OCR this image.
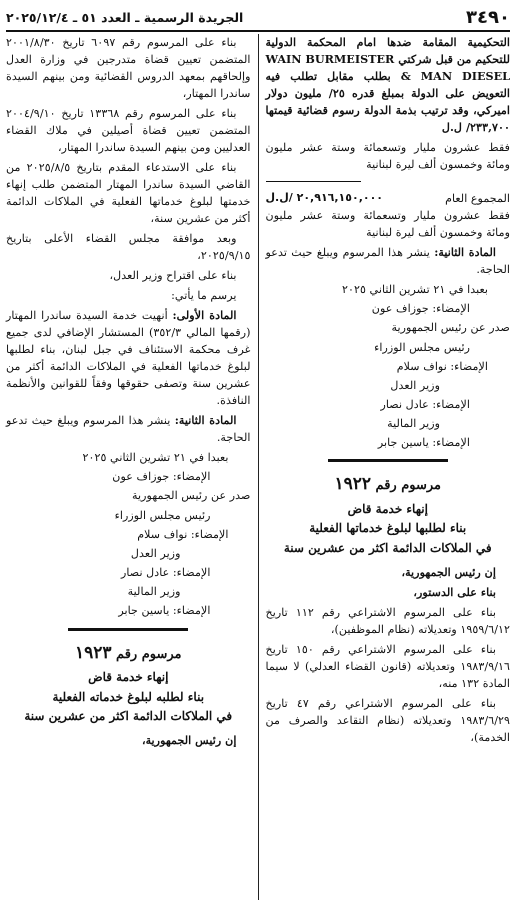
٣٤٩٠
الجريدة الرسمية ـ العدد ٥١ ـ ٢٠٢٥/١٢/٤

التحكيمية المقامة ضدها امام المحكمة الدولية للتحكيم من قبل شركتي WAIN BURMEISTER & MAN DIESEL بطلب مقابل تطلب فيه التعويض على الدولة بمبلغ قدره ٢٥/ مليون دولار اميركي، وقد ترتيب بذمة الدولة رسوم قضائية قيمتها ٢٣٣,٧٠٠/ ل.ل

فقط عشرون مليار وتسعمائة وستة عشر مليون ومائة وخمسون ألف ليرة لبنانية

المجموع العام
٢٠,٩١٦,١٥٠,٠٠٠ /ل.ل

فقط عشرون مليار وتسعمائة وستة عشر مليون ومائة وخمسون ألف ليرة لبنانية

المادة الثانية: ينشر هذا المرسوم ويبلغ حيث تدعو الحاجة.

بعبدا في ٢١ تشرين الثاني ٢٠٢٥

الإمضاء: جوزاف عون

صدر عن رئيس الجمهورية

رئيس مجلس الوزراء

الإمضاء: نواف سلام

وزير العدل

الإمضاء: عادل نصار

وزير المالية

الإمضاء: ياسين جابر

مرسوم رقم ١٩٢٢

إنهاء خدمة قاض

بناء لطلبها لبلوغ خدماتها الفعلية

في الملاكات الدائمة اكثر من عشرين سنة

إن رئيس الجمهورية،

بناء على الدستور،

بناء على المرسوم الاشتراعي رقم ١١٢ تاريخ ١٩٥٩/٦/١٢ وتعديلاته (نظام الموظفين)،

بناء على المرسوم الاشتراعي رقم ١٥٠ تاريخ ١٩٨٣/٩/١٦ وتعديلاته (قانون القضاء العدلي) لا سيما المادة ١٣٢ منه،

بناء على المرسوم الاشتراعي رقم ٤٧ تاريخ ١٩٨٣/٦/٢٩ وتعديلاته (نظام التقاعد والصرف من الخدمة)،

بناء على المرسوم رقم ٦٠٩٧ تاريخ ٢٠٠١/٨/٣٠ المتضمن تعيين قضاة متدرجين في وزارة العدل وإلحاقهم بمعهد الدروس القضائية ومن بينهم السيدة ساندرا المهتار،

بناء على المرسوم رقم ١٣٣٦٨ تاريخ ٢٠٠٤/٩/١٠ المتضمن تعيين قضاة أصيلين في ملاك القضاء العدليين ومن بينهم السيدة ساندرا المهتار،

بناء على الاستدعاء المقدم بتاريخ ٢٠٢٥/٨/٥ من القاضي السيدة ساندرا المهتار المتضمن طلب إنهاء خدمتها لبلوغ خدماتها الفعلية في الملاكات الدائمة أكثر من عشرين سنة،

وبعد موافقة مجلس القضاء الأعلى بتاريخ ٢٠٢٥/٩/١٥،

بناء على اقتراح وزير العدل،

يرسم ما يأتي:

المادة الأولى: أنهيت خدمة السيدة ساندرا المهتار (رقمها المالي ٣٥٢/٣) المستشار الإضافي لدى جميع غرف محكمة الاستئناف في جبل لبنان، بناء لطلبها لبلوغ خدماتها الفعلية في الملاكات الدائمة أكثر من عشرين سنة وتصفى حقوقها وفقاً للقوانين والأنظمة النافذة.

المادة الثانية: ينشر هذا المرسوم ويبلغ حيث تدعو الحاجة.

بعبدا في ٢١ تشرين الثاني ٢٠٢٥

الإمضاء: جوزاف عون

صدر عن رئيس الجمهورية

رئيس مجلس الوزراء

الإمضاء: نواف سلام

وزير العدل

الإمضاء: عادل نصار

وزير المالية

الإمضاء: ياسين جابر

مرسوم رقم ١٩٢٣

إنهاء خدمة قاض

بناء لطلبه لبلوغ خدماته الفعلية

في الملاكات الدائمة اكثر من عشرين سنة

إن رئيس الجمهورية،
